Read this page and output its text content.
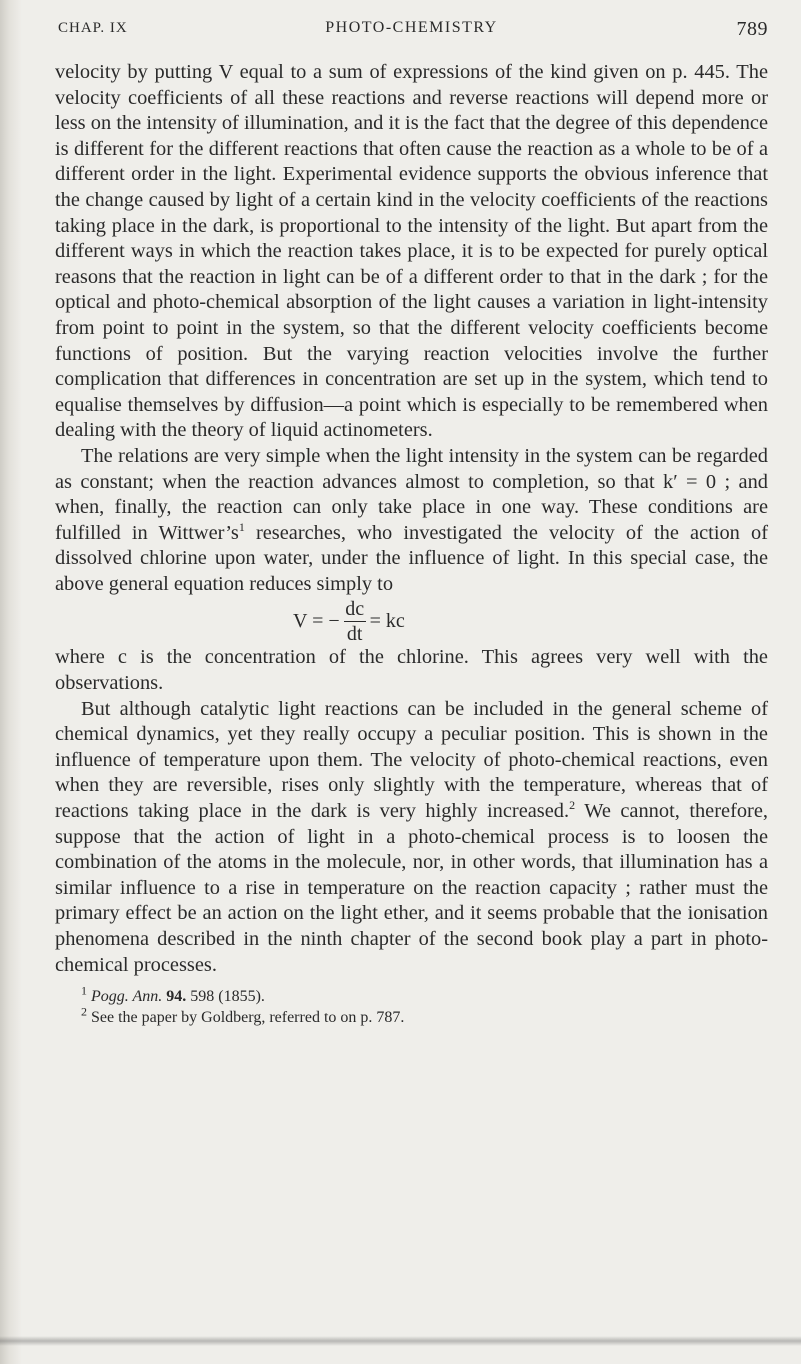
CHAP. IX	PHOTO-CHEMISTRY	789

velocity by putting V equal to a sum of expressions of the kind given on p. 445. The velocity coefficients of all these reactions and reverse reactions will depend more or less on the intensity of illumination, and it is the fact that the degree of this dependence is different for the different reactions that often cause the reaction as a whole to be of a different order in the light. Experimental evidence supports the obvious inference that the change caused by light of a certain kind in the velocity coefficients of the reactions taking place in the dark, is proportional to the intensity of the light. But apart from the different ways in which the reaction takes place, it is to be expected for purely optical reasons that the reaction in light can be of a different order to that in the dark ; for the optical and photo-chemical absorption of the light causes a variation in light-intensity from point to point in the system, so that the different velocity coefficients become functions of position. But the varying reaction velocities involve the further complication that differences in concentration are set up in the system, which tend to equalise themselves by diffusion—a point which is especially to be remembered when dealing with the theory of liquid actinometers.

The relations are very simple when the light intensity in the system can be regarded as constant; when the reaction advances almost to completion, so that k′ = 0 ; and when, finally, the reaction can only take place in one way. These conditions are fulfilled in $Wittwer’s^1$ researches, who investigated the velocity of the action of dissolved chlorine upon water, under the influence of light. In this special case, the above general equation reduces simply to

V = − $\frac{dc}{dt}$ = kc

where c is the concentration of the chlorine. This agrees very well with the observations.

But although catalytic light reactions can be included in the general scheme of chemical dynamics, yet they really occupy a peculiar position. This is shown in the influence of temperature upon them. The velocity of photo-chemical reactions, even when they are reversible, rises only slightly with the temperature, whereas that of reactions taking place in the dark is very highly increased.$^2$ We cannot, therefore, suppose that the action of light in a photo-chemical process is to loosen the combination of the atoms in the molecule, nor, in other words, that illumination has a similar influence to a rise in temperature on the reaction capacity ; rather must the primary effect be an action on the light ether, and it seems probable that the ionisation phenomena described in the ninth chapter of the second book play a part in photo-chemical processes.

$^1$ Pogg. Ann. 94. 598 (1855).
$^2$ See the paper by Goldberg, referred to on p. 787.
